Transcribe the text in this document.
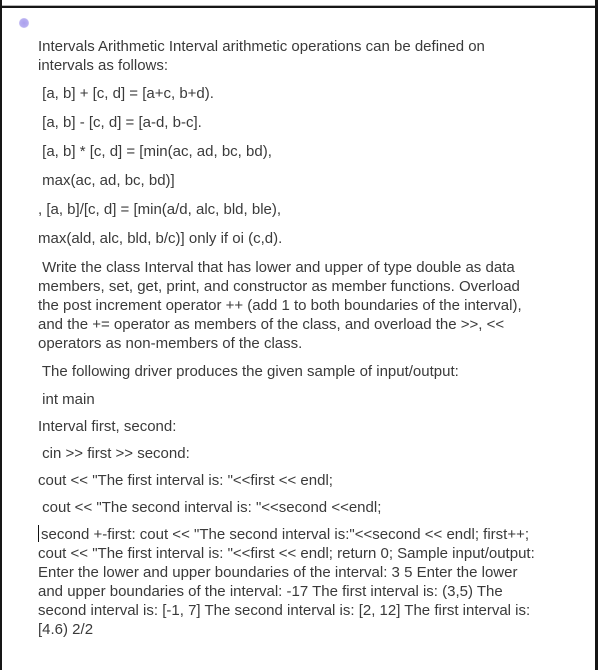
Intervals Arithmetic Interval arithmetic operations can be defined on
intervals as follows:
[a, b] + [c, d] = [a+c, b+d).
[a, b] - [c, d] = [a-d, b-c].
[a, b] * [c, d] = [min(ac, ad, bc, bd),
max(ac, ad, bc, bd)]
, [a, b]/[c, d] = [min(a/d, alc, bld, ble),
max(ald, alc, bld, b/c)] only if oi (c,d).
Write the class Interval that has lower and upper of type double as data
members, set, get, print, and constructor as member functions. Overload
the post increment operator ++ (add 1 to both boundaries of the interval),
and the += operator as members of the class, and overload the >>, <<
operators as non-members of the class.
The following driver produces the given sample of input/output:
int main
Interval first, second:
cin >> first >> second:
cout << "The first interval is: "<<first << endl;
cout << "The second interval is: "<<second <<endl;
second +-first: cout << "The second interval is:"<<second << endl; first++;
cout << "The first interval is: "<<first << endl; return 0; Sample input/output:
Enter the lower and upper boundaries of the interval: 3 5 Enter the lower
and upper boundaries of the interval: -17 The first interval is: (3,5) The
second interval is: [-1, 7] The second interval is: [2, 12] The first interval is:
[4.6) 2/2
